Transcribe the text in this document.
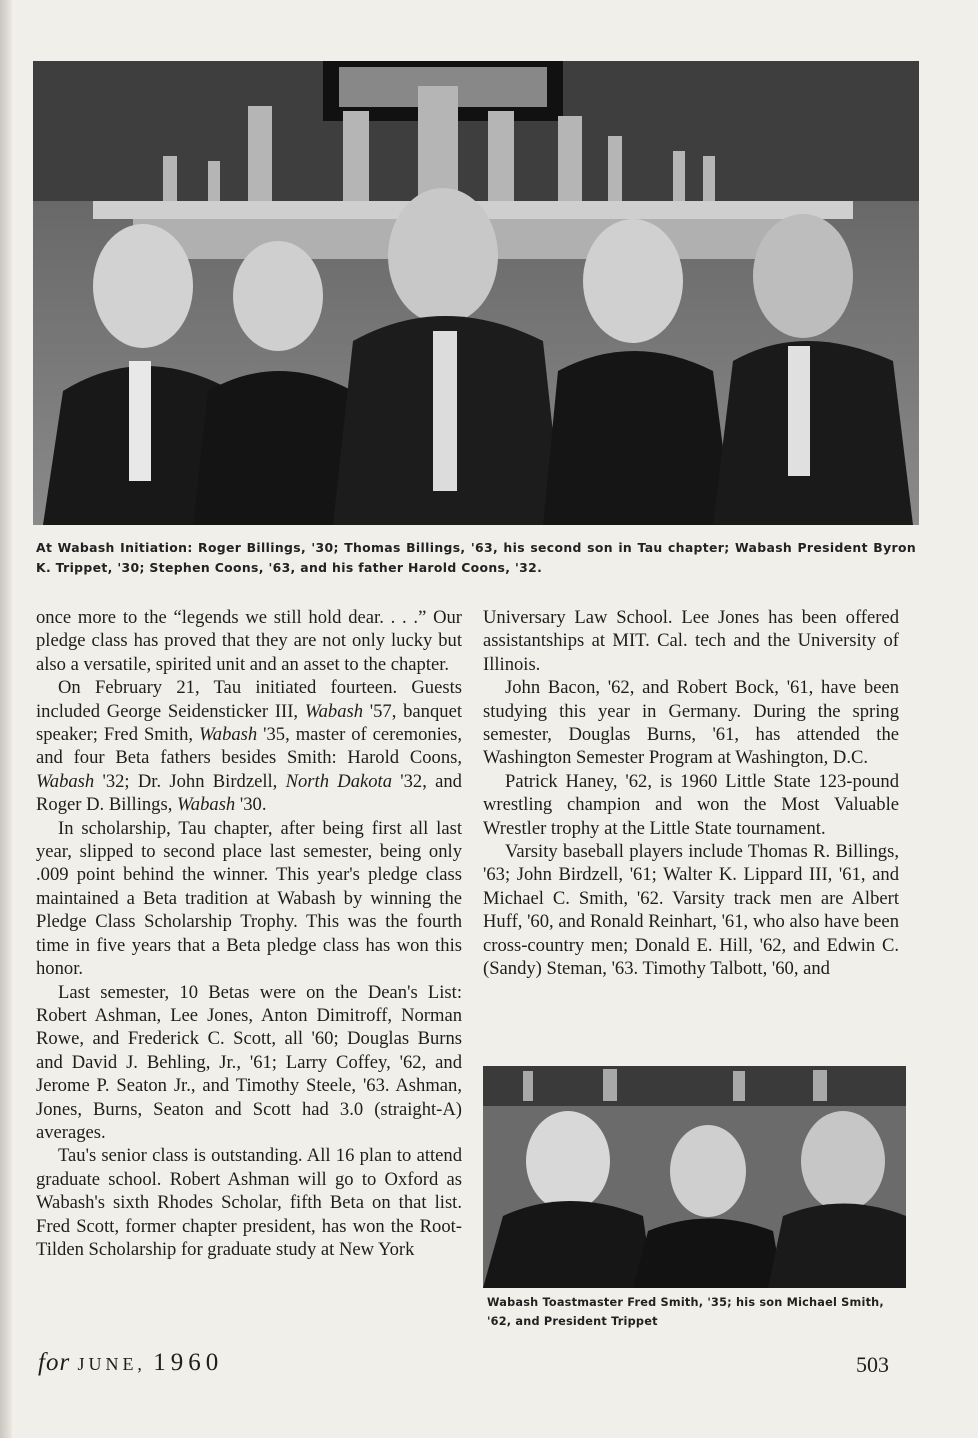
At Wabash Initiation: Roger Billings, '30; Thomas Billings, '63, his second son in Tau chapter; Wabash President Byron K. Trippet, '30; Stephen Coons, '63, and his father Harold Coons, '32.

once more to the “legends we still hold dear. . . .” Our pledge class has proved that they are not only lucky but also a versatile, spirited unit and an asset to the chapter.

On February 21, Tau initiated fourteen. Guests included George Seidensticker III, Wabash '57, banquet speaker; Fred Smith, Wabash '35, master of ceremonies, and four Beta fathers besides Smith: Harold Coons, Wabash '32; Dr. John Birdzell, North Dakota '32, and Roger D. Billings, Wabash '30.

In scholarship, Tau chapter, after being first all last year, slipped to second place last semester, being only .009 point behind the winner. This year's pledge class maintained a Beta tradition at Wabash by winning the Pledge Class Scholarship Trophy. This was the fourth time in five years that a Beta pledge class has won this honor.

Last semester, 10 Betas were on the Dean's List: Robert Ashman, Lee Jones, Anton Dimitroff, Norman Rowe, and Frederick C. Scott, all '60; Douglas Burns and David J. Behling, Jr., '61; Larry Coffey, '62, and Jerome P. Seaton Jr., and Timothy Steele, '63. Ashman, Jones, Burns, Seaton and Scott had 3.0 (straight-A) averages.

Tau's senior class is outstanding. All 16 plan to attend graduate school. Robert Ashman will go to Oxford as Wabash's sixth Rhodes Scholar, fifth Beta on that list. Fred Scott, former chapter president, has won the Root-Tilden Scholarship for graduate study at New York

Universary Law School. Lee Jones has been offered assistantships at MIT. Cal. tech and the University of Illinois.

John Bacon, '62, and Robert Bock, '61, have been studying this year in Germany. During the spring semester, Douglas Burns, '61, has attended the Washington Semester Program at Washington, D.C.

Patrick Haney, '62, is 1960 Little State 123-pound wrestling champion and won the Most Valuable Wrestler trophy at the Little State tournament.

Varsity baseball players include Thomas R. Billings, '63; John Birdzell, '61; Walter K. Lippard III, '61, and Michael C. Smith, '62. Varsity track men are Albert Huff, '60, and Ronald Reinhart, '61, who also have been cross-country men; Donald E. Hill, '62, and Edwin C. (Sandy) Steman, '63. Timothy Talbott, '60, and

Wabash Toastmaster Fred Smith, '35; his son Michael Smith, '62, and President Trippet
for JUNE, 1960	503
